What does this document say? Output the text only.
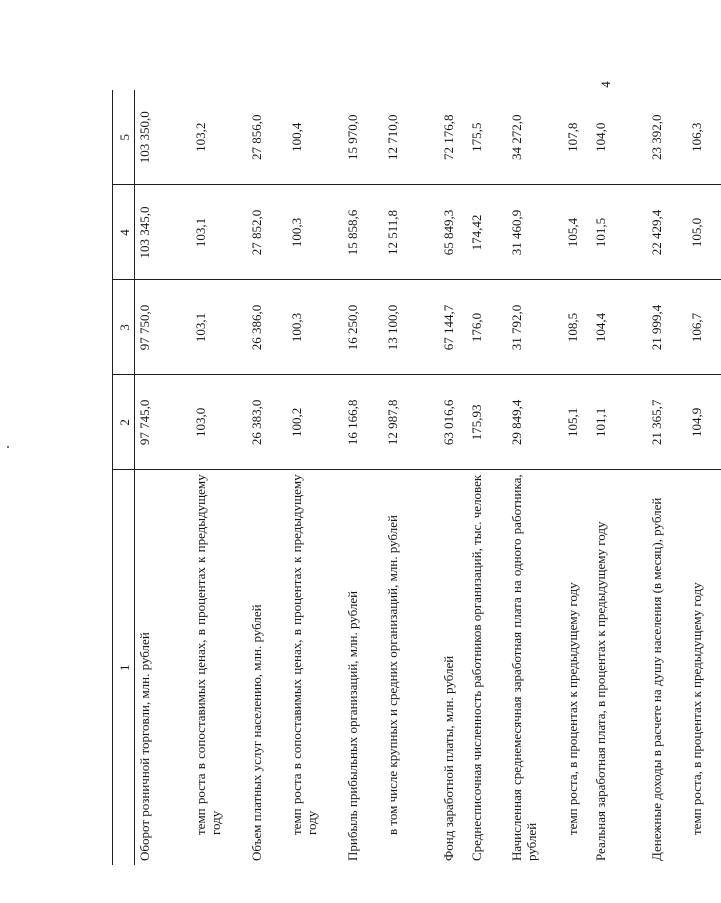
4
1	2	3	4	5
Оборот розничной торговли, млн. рублей	97 745,0	97 750,0	103 345,0	103 350,0
темп роста в сопоставимых ценах, в процентах к предыдущему году	103,0	103,1	103,1	103,2
Объем платных услуг населению, млн. рублей	26 383,0	26 386,0	27 852,0	27 856,0
темп роста в сопоставимых ценах, в процентах к предыдущему году	100,2	100,3	100,3	100,4
Прибыль прибыльных организаций, млн. рублей	16 166,8	16 250,0	15 858,6	15 970,0
в том числе крупных и средних организаций, млн. рублей	12 987,8	13 100,0	12 511,8	12 710,0
Фонд заработной платы, млн. рублей	63 016,6	67 144,7	65 849,3	72 176,8
Среднесписочная численность работников организаций, тыс. человек	175,93	176,0	174,42	175,5
Начисленная среднемесячная заработная плата на одного работника, рублей	29 849,4	31 792,0	31 460,9	34 272,0
темп роста, в процентах к предыдущему году	105,1	108,5	105,4	107,8
Реальная заработная плата, в процентах к предыдущему году	101,1	104,4	101,5	104,0
Денежные доходы в расчете на душу населения (в месяц), рублей	21 365,7	21 999,4	22 429,4	23 392,0
темп роста, в процентах к предыдущему году	104,9	106,7	105,0	106,3
